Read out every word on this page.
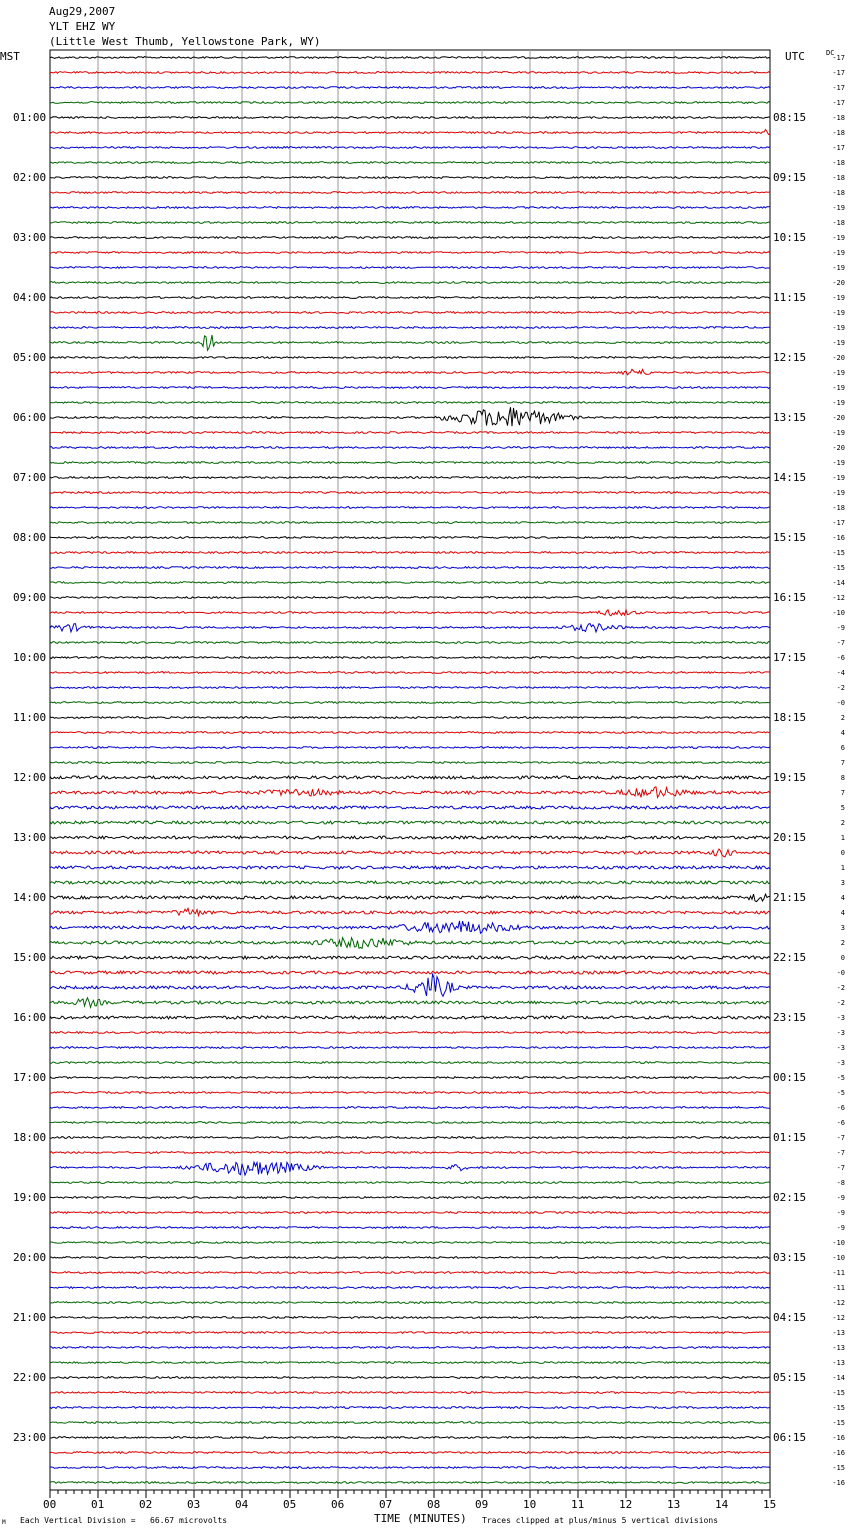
Aug29,2007
YLT EHZ WY
(Little West Thumb, Yellowstone Park, WY)
MST	UTC	DC
00	01	02	03	04	05	06	07	08	09	10	11	12	13	14	15
01:00
02:00
03:00
04:00
05:00
06:00
07:00
08:00
09:00
10:00
11:00
12:00
13:00
14:00
15:00
16:00
17:00
18:00
19:00
20:00
21:00
22:00
23:00
08:15
09:15
10:15
11:15
12:15
13:15
14:15
15:15
16:15
17:15
18:15
19:15
20:15
21:15
22:15
23:15
00:15
01:15
02:15
03:15
04:15
05:15
06:15
-17
-17
-17
-17
-18
-18
-17
-18
-18
-18
-19
-18
-19
-19
-19
-20
-19
-19
-19
-19
-20
-19
-19
-19
-20
-19
-20
-19
-19
-19
-18
-17
-16
-15
-15
-14
-12
-10
-9
-7
-6
-4
-2
-0
2
4
6
7
8
7
5
2
1
0
1
3
4
4
3
2
0
-0
-2
-2
-3
-3
-3
-3
-5
-5
-6
-6
-7
-7
-7
-8
-9
-9
-9
-10
-10
-11
-11
-12
-12
-13
-13
-13
-14
-15
-15
-15
-16
-16
-15
-16
TIME (MINUTES)
Each Vertical Division =   66.67 microvolts	Traces clipped at plus/minus 5 vertical divisions
M
